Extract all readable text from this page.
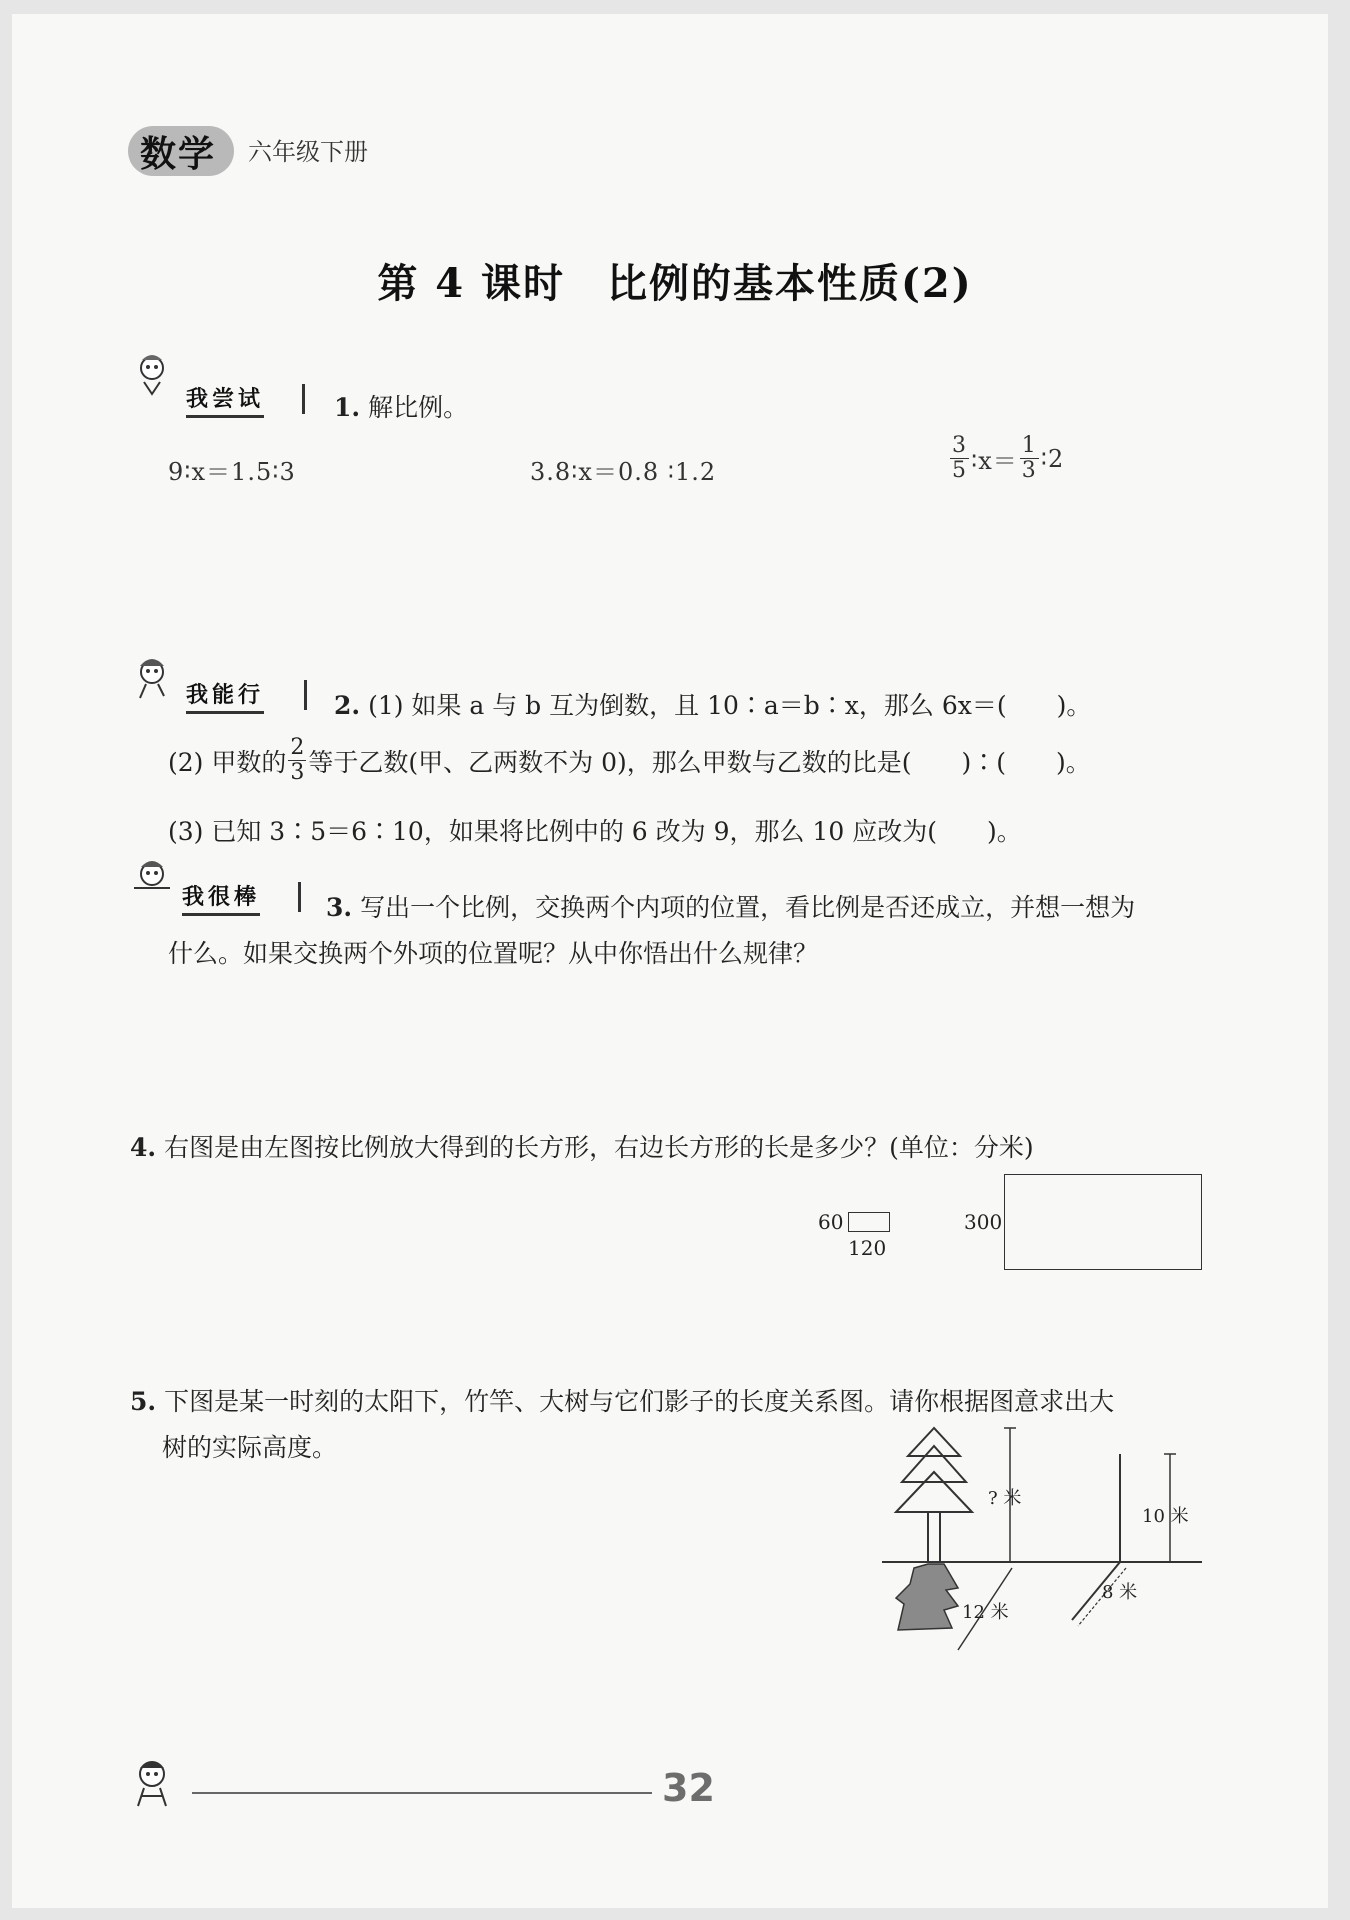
数学 六年级下册
第 4 课时　比例的基本性质(2)
我尝试	1. 解比例。
9∶x＝1.5∶3	3.8∶x＝0.8 ∶1.2	$\frac{3}{5}$ ∶x＝ $\frac{1}{3}$ ∶2
我能行	2. (1) 如果 a 与 b 互为倒数，且 10∶a＝b∶x，那么 6x＝(　　)。
(2) 甲数的 $\frac{2}{3}$ 等于乙数(甲、乙两数不为 0)，那么甲数与乙数的比是(　　)∶(　　)。
(3) 已知 3∶5＝6∶10，如果将比例中的 6 改为 9，那么 10 应改为(　　)。
我很棒	3. 写出一个比例，交换两个内项的位置，看比例是否还成立，并想一想为
什么。如果交换两个外项的位置呢？从中你悟出什么规律？
4. 右图是由左图按比例放大得到的长方形，右边长方形的长是多少？(单位：分米)
60
120
300
5. 下图是某一时刻的太阳下，竹竿、大树与它们影子的长度关系图。请你根据图意求出大
树的实际高度。
? 米
12 米
10 米
8 米
32
